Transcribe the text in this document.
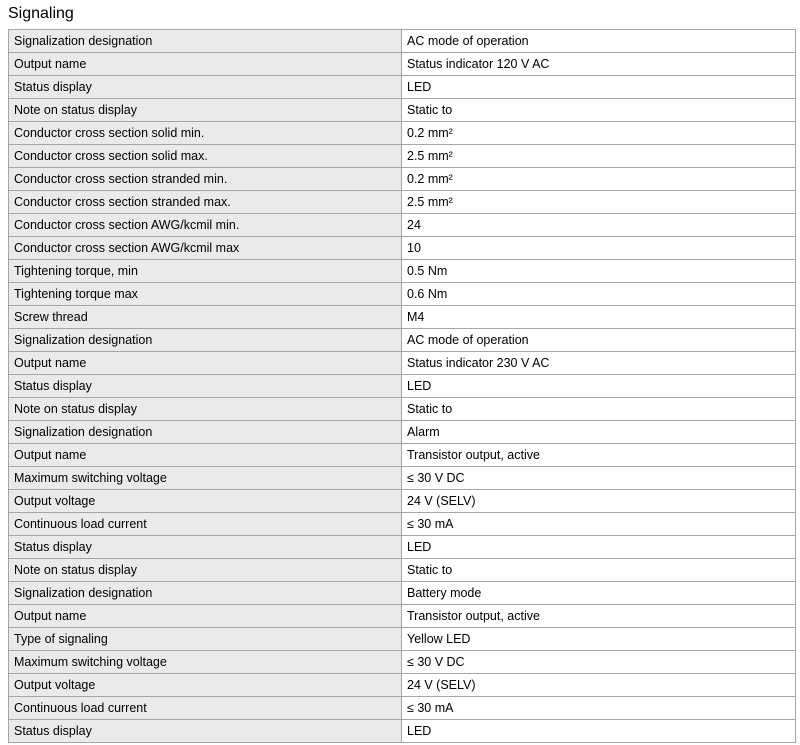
Signaling
Signalization designation	AC mode of operation
Output name	Status indicator 120 V AC
Status display	LED
Note on status display	Static to
Conductor cross section solid min.	0.2 mm²
Conductor cross section solid max.	2.5 mm²
Conductor cross section stranded min.	0.2 mm²
Conductor cross section stranded max.	2.5 mm²
Conductor cross section AWG/kcmil min.	24
Conductor cross section AWG/kcmil max	10
Tightening torque, min	0.5 Nm
Tightening torque max	0.6 Nm
Screw thread	M4
Signalization designation	AC mode of operation
Output name	Status indicator 230 V AC
Status display	LED
Note on status display	Static to
Signalization designation	Alarm
Output name	Transistor output, active
Maximum switching voltage	≤ 30 V DC
Output voltage	24 V (SELV)
Continuous load current	≤ 30 mA
Status display	LED
Note on status display	Static to
Signalization designation	Battery mode
Output name	Transistor output, active
Type of signaling	Yellow LED
Maximum switching voltage	≤ 30 V DC
Output voltage	24 V (SELV)
Continuous load current	≤ 30 mA
Status display	LED
